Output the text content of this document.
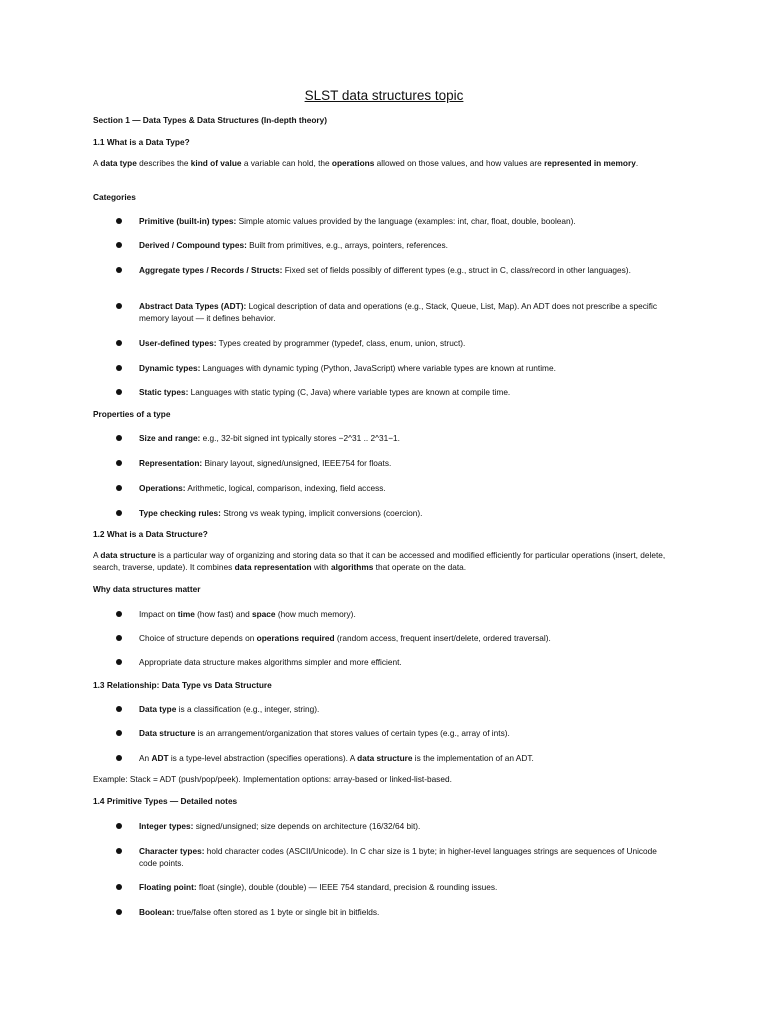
SLST data structures topic
Section 1 — Data Types & Data Structures (In-depth theory)
1.1 What is a Data Type?
A data type describes the kind of value a variable can hold, the operations allowed on those values, and how values are represented in memory.
Categories
Primitive (built-in) types: Simple atomic values provided by the language (examples: int, char, float, double, boolean).
Derived / Compound types: Built from primitives, e.g., arrays, pointers, references.
Aggregate types / Records / Structs: Fixed set of fields possibly of different types (e.g., struct in C, class/record in other languages).
Abstract Data Types (ADT): Logical description of data and operations (e.g., Stack, Queue, List, Map). An ADT does not prescribe a specific memory layout — it defines behavior.
User-defined types: Types created by programmer (typedef, class, enum, union, struct).
Dynamic types: Languages with dynamic typing (Python, JavaScript) where variable types are known at runtime.
Static types: Languages with static typing (C, Java) where variable types are known at compile time.
Properties of a type
Size and range: e.g., 32-bit signed int typically stores −2^31 .. 2^31−1.
Representation: Binary layout, signed/unsigned, IEEE754 for floats.
Operations: Arithmetic, logical, comparison, indexing, field access.
Type checking rules: Strong vs weak typing, implicit conversions (coercion).
1.2 What is a Data Structure?
A data structure is a particular way of organizing and storing data so that it can be accessed and modified efficiently for particular operations (insert, delete, search, traverse, update). It combines data representation with algorithms that operate on the data.
Why data structures matter
Impact on time (how fast) and space (how much memory).
Choice of structure depends on operations required (random access, frequent insert/delete, ordered traversal).
Appropriate data structure makes algorithms simpler and more efficient.
1.3 Relationship: Data Type vs Data Structure
Data type is a classification (e.g., integer, string).
Data structure is an arrangement/organization that stores values of certain types (e.g., array of ints).
An ADT is a type-level abstraction (specifies operations). A data structure is the implementation of an ADT.
Example: Stack = ADT (push/pop/peek). Implementation options: array-based or linked-list-based.
1.4 Primitive Types — Detailed notes
Integer types: signed/unsigned; size depends on architecture (16/32/64 bit).
Character types: hold character codes (ASCII/Unicode). In C char size is 1 byte; in higher-level languages strings are sequences of Unicode code points.
Floating point: float (single), double (double) — IEEE 754 standard, precision & rounding issues.
Boolean: true/false often stored as 1 byte or single bit in bitfields.
